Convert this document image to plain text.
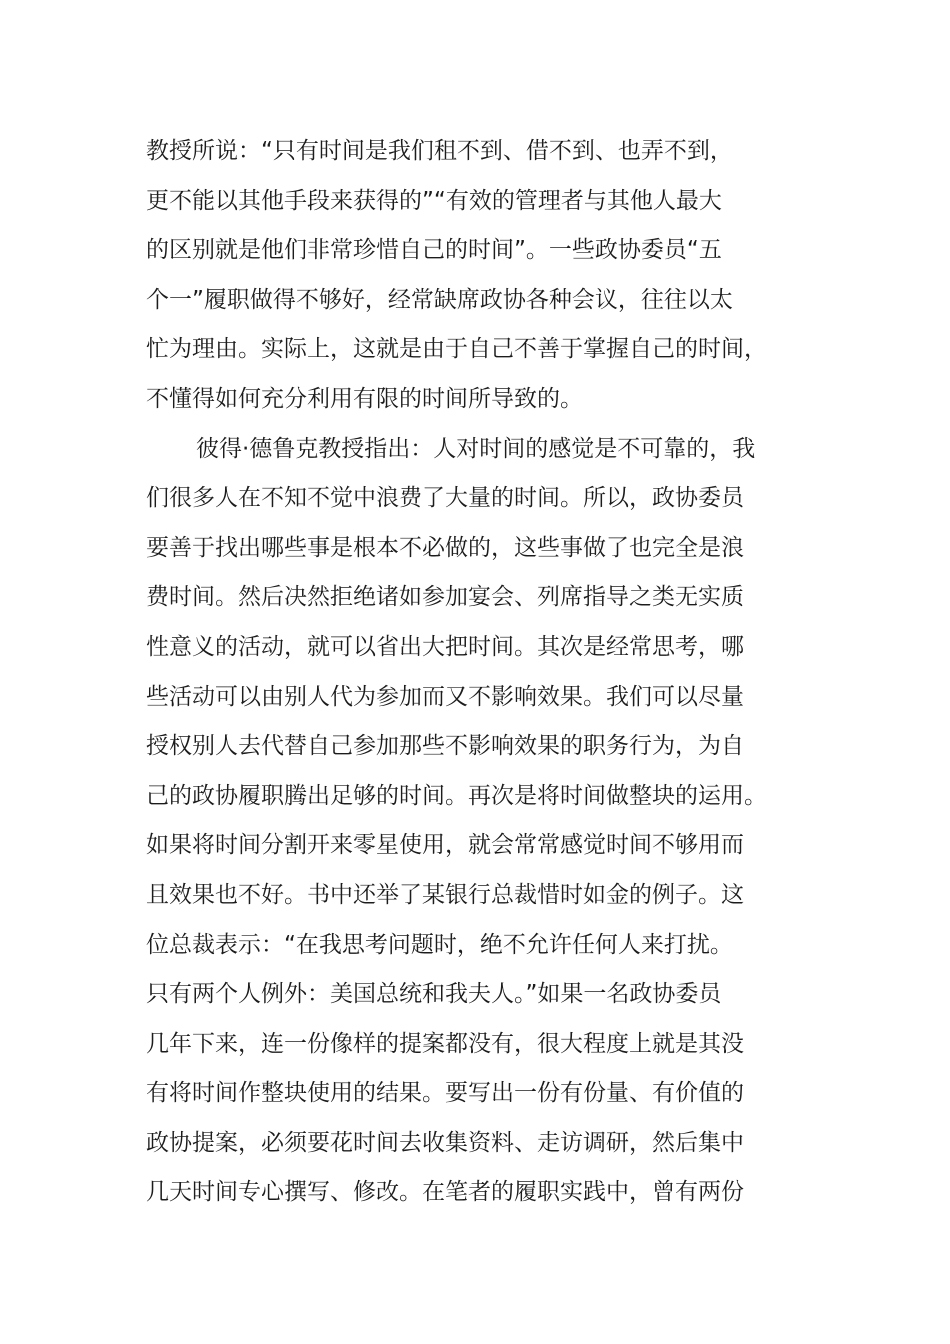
教授所说：“只有时间是我们租不到、借不到、也弄不到，
更不能以其他手段来获得的”“有效的管理者与其他人最大
的区别就是他们非常珍惜自己的时间”。一些政协委员“五
个一”履职做得不够好，经常缺席政协各种会议，往往以太
忙为理由。实际上，这就是由于自己不善于掌握自己的时间，
不懂得如何充分利用有限的时间所导致的。
彼得·德鲁克教授指出：人对时间的感觉是不可靠的，我
们很多人在不知不觉中浪费了大量的时间。所以，政协委员
要善于找出哪些事是根本不必做的，这些事做了也完全是浪
费时间。然后决然拒绝诸如参加宴会、列席指导之类无实质
性意义的活动，就可以省出大把时间。其次是经常思考，哪
些活动可以由别人代为参加而又不影响效果。我们可以尽量
授权别人去代替自己参加那些不影响效果的职务行为，为自
己的政协履职腾出足够的时间。再次是将时间做整块的运用。
如果将时间分割开来零星使用，就会常常感觉时间不够用而
且效果也不好。书中还举了某银行总裁惜时如金的例子。这
位总裁表示：“在我思考问题时，绝不允许任何人来打扰。
只有两个人例外：美国总统和我夫人。”如果一名政协委员
几年下来，连一份像样的提案都没有，很大程度上就是其没
有将时间作整块使用的结果。要写出一份有份量、有价值的
政协提案，必须要花时间去收集资料、走访调研，然后集中
几天时间专心撰写、修改。在笔者的履职实践中，曾有两份
